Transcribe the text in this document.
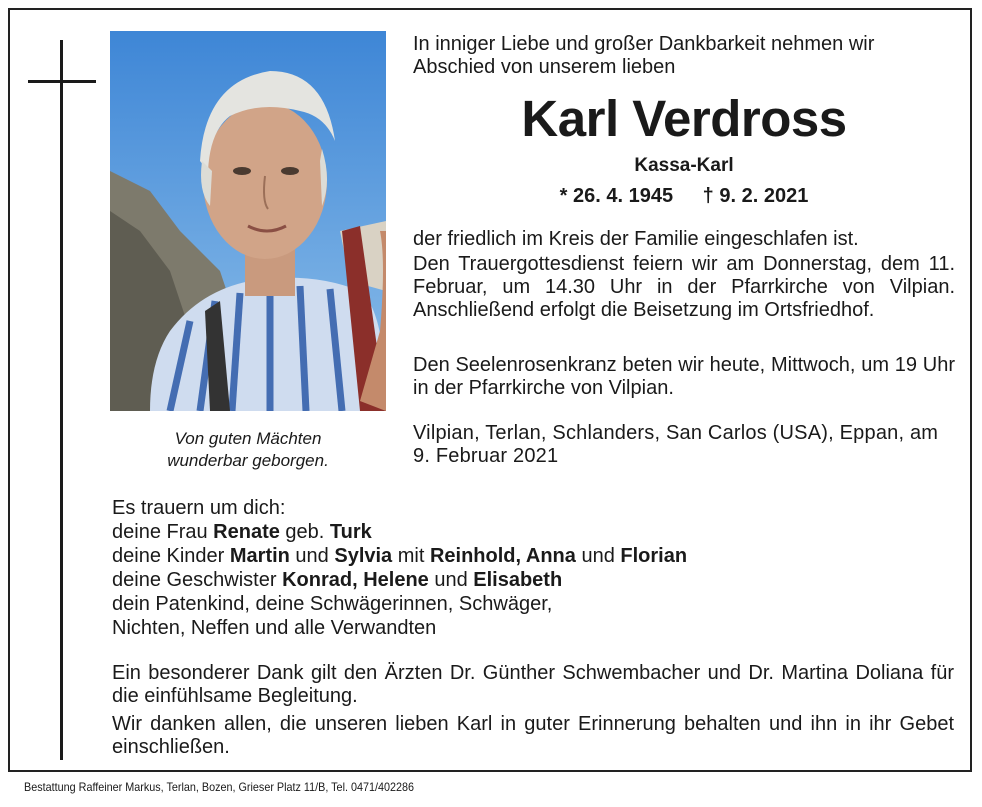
Von guten Mächten
wunderbar geborgen.
In inniger Liebe und großer Dankbarkeit nehmen wir Abschied von unserem lieben
Karl Verdross
Kassa-Karl
* 26. 4. 1945 † 9. 2. 2021
der friedlich im Kreis der Familie eingeschlafen ist.
Den Trauergottesdienst feiern wir am Donnerstag, dem 11. Februar, um 14.30 Uhr in der Pfarrkirche von Vilpian. Anschließend erfolgt die Beisetzung im Ortsfriedhof.
Den Seelenrosenkranz beten wir heute, Mittwoch, um 19 Uhr in der Pfarrkirche von Vilpian.
Vilpian, Terlan, Schlanders, San Carlos (USA), Eppan, am 9. Februar 2021
Es trauern um dich:
deine Frau Renate geb. Turk
deine Kinder Martin und Sylvia mit Reinhold, Anna und Florian
deine Geschwister Konrad, Helene und Elisabeth
dein Patenkind, deine Schwägerinnen, Schwäger,
Nichten, Neffen und alle Verwandten
Ein besonderer Dank gilt den Ärzten Dr. Günther Schwembacher und Dr. Martina Doliana für die einfühlsame Begleitung.
Wir danken allen, die unseren lieben Karl in guter Erinnerung behalten und ihn in ihr Gebet einschließen.
Bestattung Raffeiner Markus, Terlan, Bozen, Grieser Platz 11/B, Tel. 0471/402286
